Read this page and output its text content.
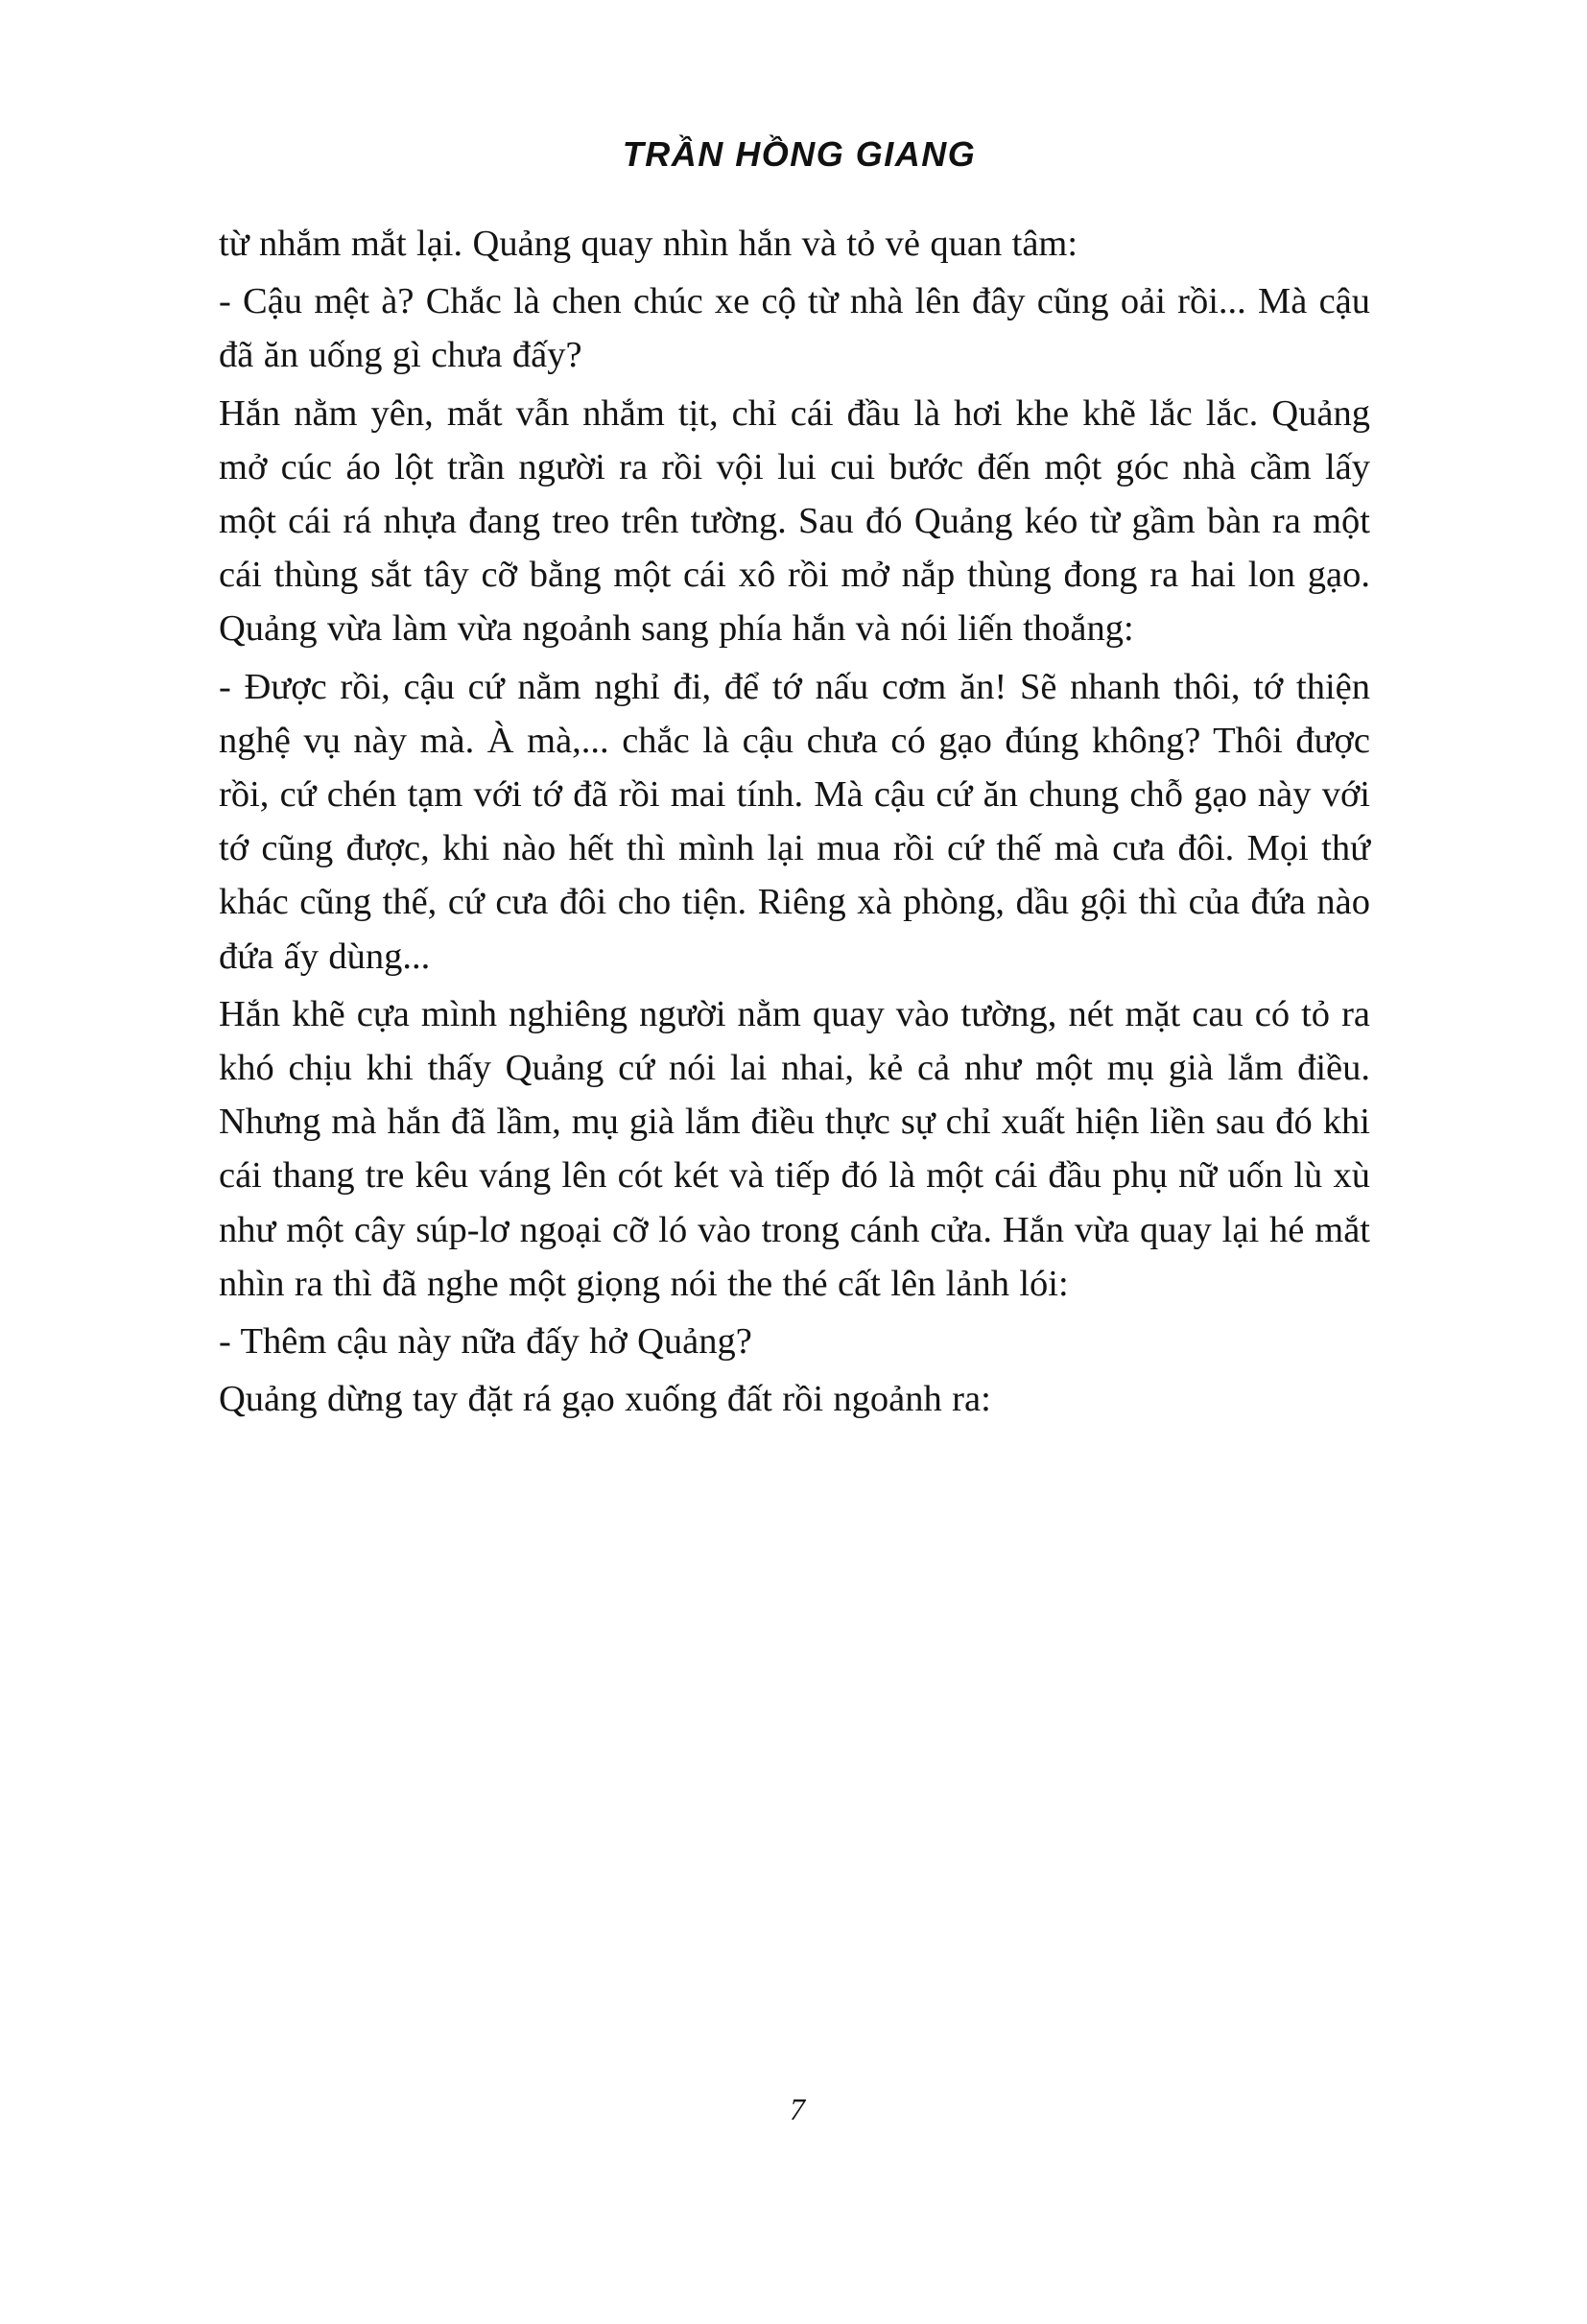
TRẦN HỒNG GIANG

từ nhắm mắt lại. Quảng quay nhìn hắn và tỏ vẻ quan tâm:

- Cậu mệt à? Chắc là chen chúc xe cộ từ nhà lên đây cũng oải rồi... Mà cậu đã ăn uống gì chưa đấy?

Hắn nằm yên, mắt vẫn nhắm tịt, chỉ cái đầu là hơi khe khẽ lắc lắc. Quảng mở cúc áo lột trần người ra rồi vội lui cui bước đến một góc nhà cầm lấy một cái rá nhựa đang treo trên tường. Sau đó Quảng kéo từ gầm bàn ra một cái thùng sắt tây cỡ bằng một cái xô rồi mở nắp thùng đong ra hai lon gạo. Quảng vừa làm vừa ngoảnh sang phía hắn và nói liến thoắng:

- Được rồi, cậu cứ nằm nghỉ đi, để tớ nấu cơm ăn! Sẽ nhanh thôi, tớ thiện nghệ vụ này mà. À mà,... chắc là cậu chưa có gạo đúng không? Thôi được rồi, cứ chén tạm với tớ đã rồi mai tính. Mà cậu cứ ăn chung chỗ gạo này với tớ cũng được, khi nào hết thì mình lại mua rồi cứ thế mà cưa đôi. Mọi thứ khác cũng thế, cứ cưa đôi cho tiện. Riêng xà phòng, dầu gội thì của đứa nào đứa ấy dùng...

Hắn khẽ cựa mình nghiêng người nằm quay vào tường, nét mặt cau có tỏ ra khó chịu khi thấy Quảng cứ nói lai nhai, kẻ cả như một mụ già lắm điều. Nhưng mà hắn đã lầm, mụ già lắm điều thực sự chỉ xuất hiện liền sau đó khi cái thang tre kêu váng lên cót két và tiếp đó là một cái đầu phụ nữ uốn lù xù như một cây súp-lơ ngoại cỡ ló vào trong cánh cửa. Hắn vừa quay lại hé mắt nhìn ra thì đã nghe một giọng nói the thé cất lên lảnh lói:

- Thêm cậu này nữa đấy hở Quảng?

Quảng dừng tay đặt rá gạo xuống đất rồi ngoảnh ra:

7
